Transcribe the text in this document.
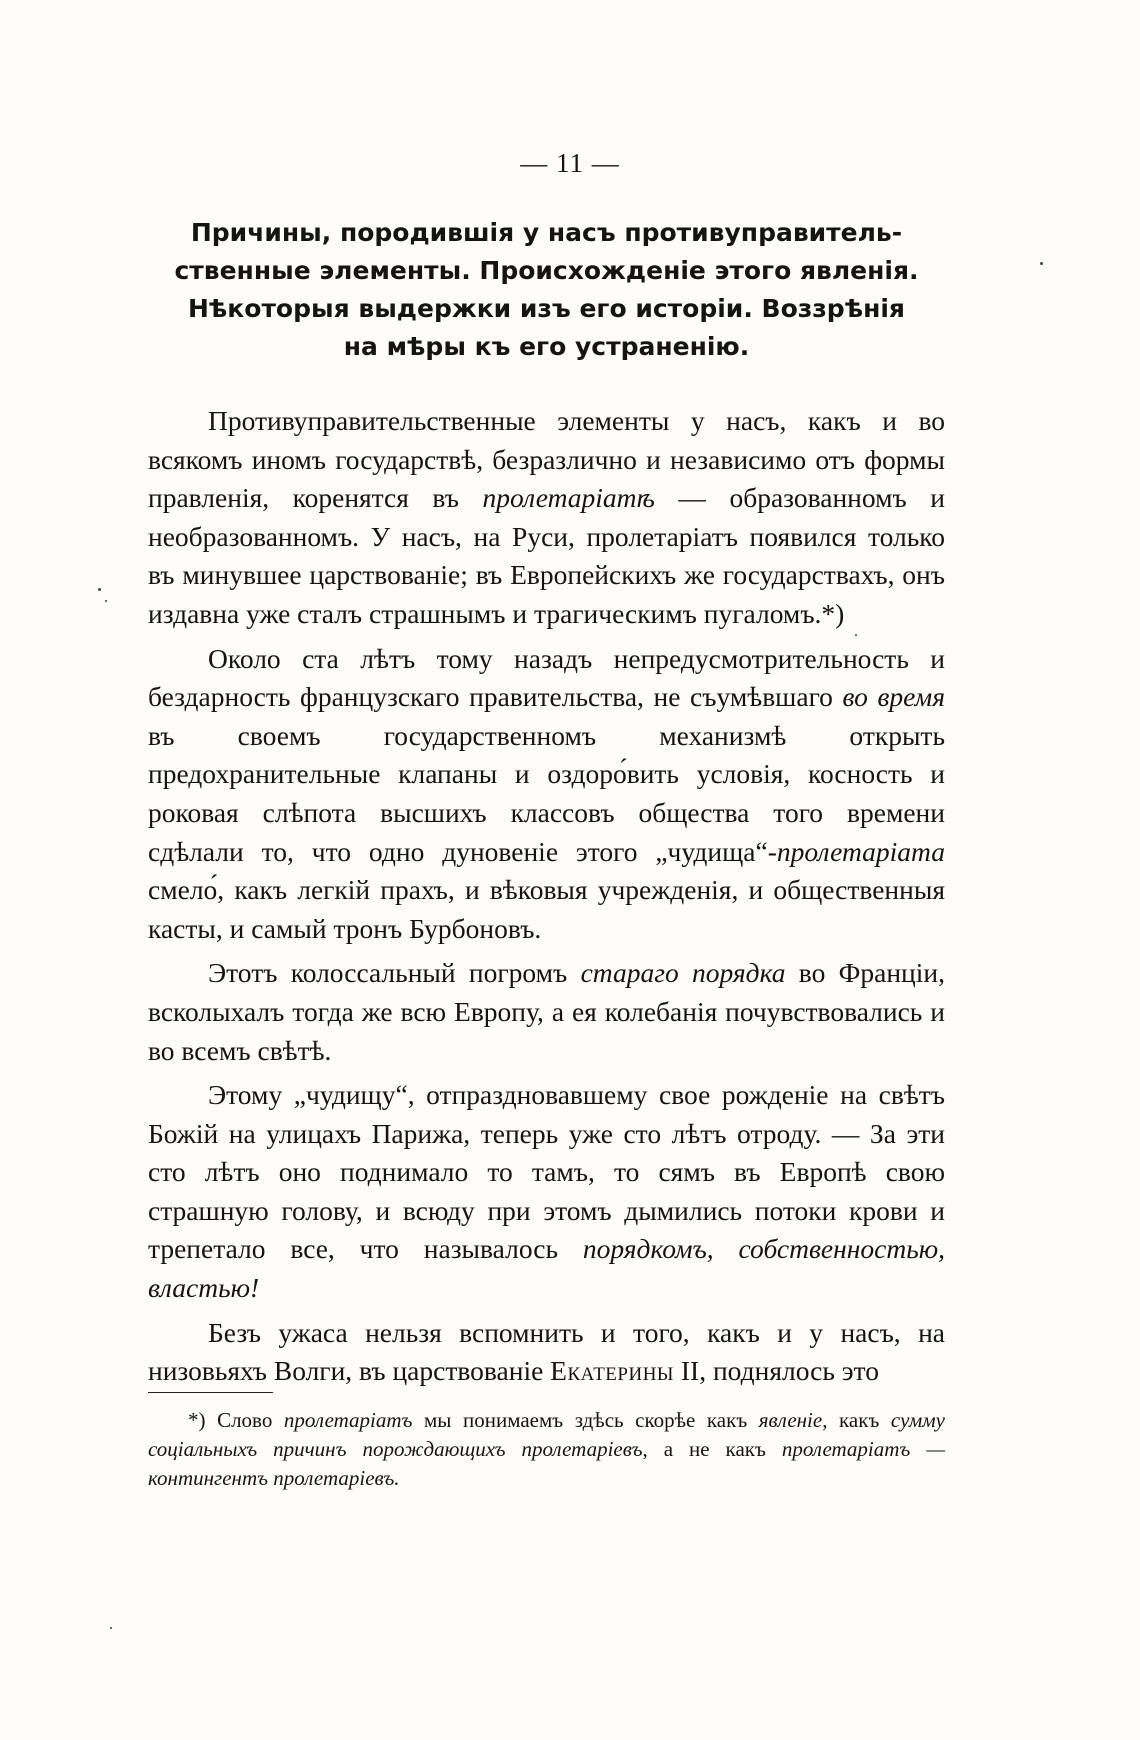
— 11 —
Причины, породившія у насъ противуправитель-
ственные элементы. Происхожденіе этого явленія.
Нѣкоторыя выдержки изъ его исторіи. Воззрѣнія
на мѣры къ его устраненію.

Противуправительственные элементы у насъ, какъ и во всякомъ иномъ государствѣ, безразлично и независимо отъ формы правленія, коренятся въ пролетаріатѣ — образованномъ и необразованномъ. У насъ, на Руси, пролетаріатъ появился только въ минувшее царствованіе; въ Европейскихъ же государствахъ, онъ издавна уже сталъ страшнымъ и трагическимъ пугаломъ.*)

Около ста лѣтъ тому назадъ непредусмотрительность и бездарность французскаго правительства, не съумѣвшаго во время въ своемъ государственномъ механизмѣ открыть предохранительные клапаны и оздоро́вить условія, косность и роковая слѣпота высшихъ классовъ общества того времени сдѣлали то, что одно дуновеніе этого „чудища“-пролетаріата смело́, какъ легкій прахъ, и вѣковыя учрежденія, и общественныя касты, и самый тронъ Бурбоновъ.

Этотъ колоссальный погромъ стараго порядка во Франціи, всколыхалъ тогда же всю Европу, а ея колебанія почувствовались и во всемъ свѣтѣ.

Этому „чудищу“, отпраздновавшему свое рожденіе на свѣтъ Божій на улицахъ Парижа, теперь уже сто лѣтъ отроду. — За эти сто лѣтъ оно поднимало то тамъ, то сямъ въ Европѣ свою страшную голову, и всюду при этомъ дымились потоки крови и трепетало все, что называлось порядкомъ, собственностью, властью!

Безъ ужаса нельзя вспомнить и того, какъ и у насъ, на низовьяхъ Волги, въ царствованіе Екатерины II, поднялось это

*) Слово пролетаріатъ мы понимаемъ здѣсь скорѣе какъ явленіе, какъ сумму соціальныхъ причинъ порождающихъ пролетаріевъ, а не какъ пролетаріатъ — контингентъ пролетаріевъ.
